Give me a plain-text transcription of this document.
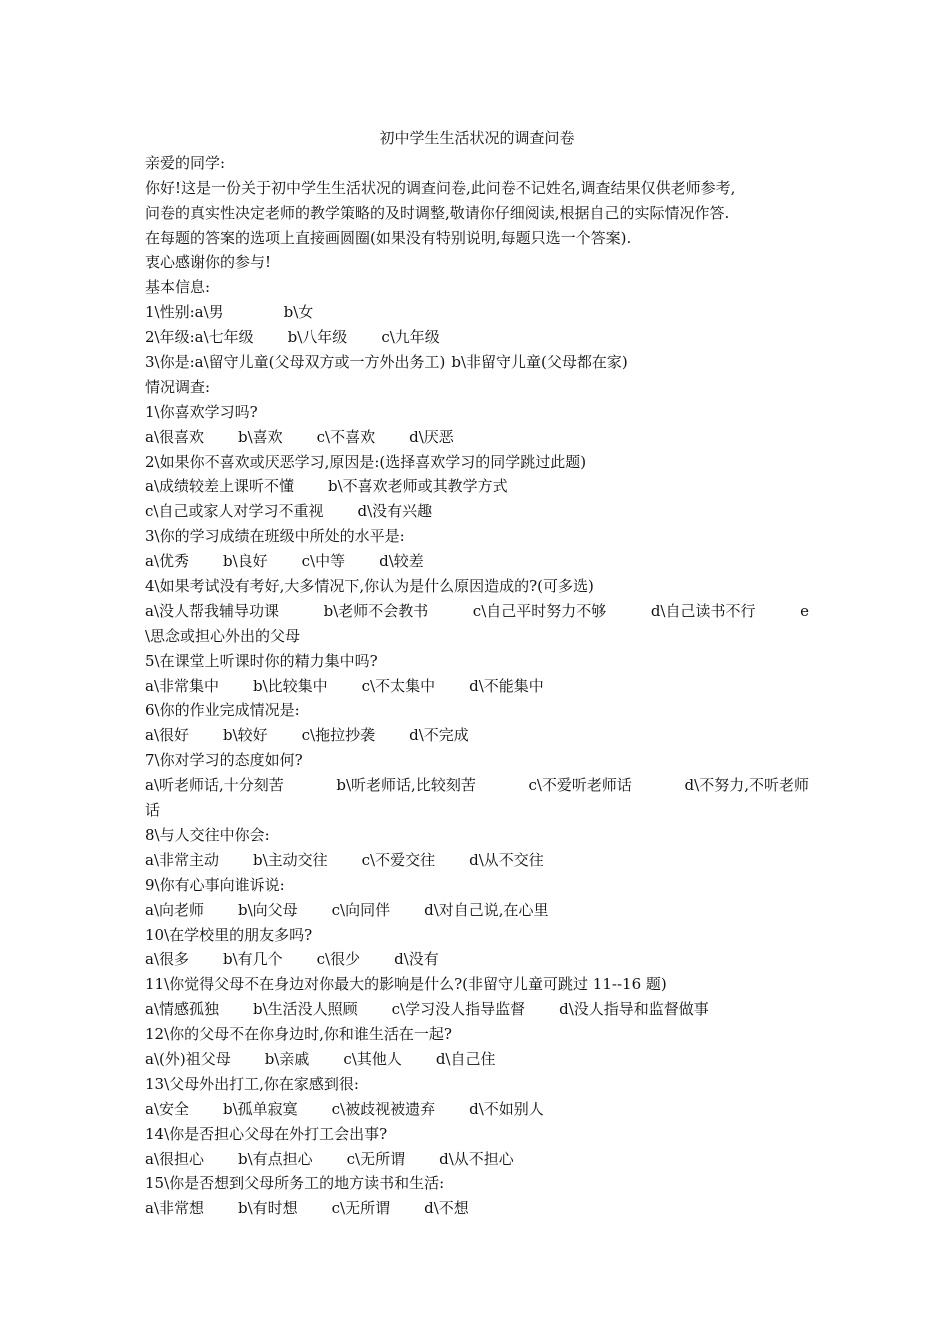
初中学生生活状况的调查问卷
亲爱的同学:
你好!这是一份关于初中学生生活状况的调查问卷,此问卷不记姓名,调查结果仅供老师参考,
问卷的真实性决定老师的教学策略的及时调整,敬请你仔细阅读,根据自己的实际情况作答.
在每题的答案的选项上直接画圆圈(如果没有特别说明,每题只选一个答案).
衷心感谢你的参与!
基本信息:
1\性别:a\男	b\女
2\年级:a\七年级 b\八年级 c\九年级
3\你是:a\留守儿童(父母双方或一方外出务工) b\非留守儿童(父母都在家)
情况调查:
1\你喜欢学习吗?
a\很喜欢 b\喜欢 c\不喜欢 d\厌恶
2\如果你不喜欢或厌恶学习,原因是:(选择喜欢学习的同学跳过此题)
a\成绩较差上课听不懂 b\不喜欢老师或其教学方式
c\自己或家人对学习不重视 d\没有兴趣
3\你的学习成绩在班级中所处的水平是:
a\优秀 b\良好 c\中等 d\较差
4\如果考试没有考好,大多情况下,你认为是什么原因造成的?(可多选)
a\没人帮我辅导功课	b\老师不会教书	c\自己平时努力不够	d\自己读书不行	e
\思念或担心外出的父母
5\在课堂上听课时你的精力集中吗?
a\非常集中 b\比较集中 c\不太集中 d\不能集中
6\你的作业完成情况是:
a\很好 b\较好 c\拖拉抄袭 d\不完成
7\你对学习的态度如何?
a\听老师话,十分刻苦	b\听老师话,比较刻苦	c\不爱听老师话	d\不努力,不听老师
话
8\与人交往中你会:
a\非常主动 b\主动交往 c\不爱交往 d\从不交往
9\你有心事向谁诉说:
a\向老师 b\向父母 c\向同伴 d\对自己说,在心里
10\在学校里的朋友多吗?
a\很多 b\有几个 c\很少 d\没有
11\你觉得父母不在身边对你最大的影响是什么?(非留守儿童可跳过 11--16 题)
a\情感孤独 b\生活没人照顾 c\学习没人指导监督 d\没人指导和监督做事
12\你的父母不在你身边时,你和谁生活在一起?
a\(外)祖父母 b\亲戚 c\其他人 d\自己住
13\父母外出打工,你在家感到很:
a\安全 b\孤单寂寞 c\被歧视被遗弃 d\不如别人
14\你是否担心父母在外打工会出事?
a\很担心 b\有点担心 c\无所谓 d\从不担心
15\你是否想到父母所务工的地方读书和生活:
a\非常想 b\有时想 c\无所谓 d\不想
